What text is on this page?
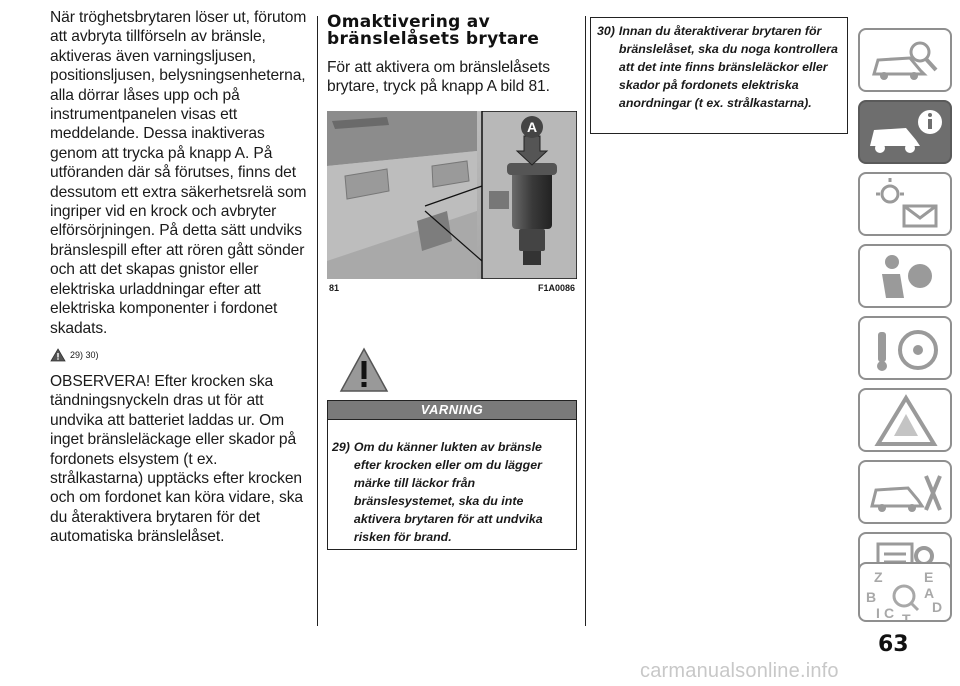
När tröghetsbrytaren löser ut, förutom att avbryta tillförseln av bränsle, aktiveras även varningsljusen, positionsljusen, belysningsenheterna, alla dörrar låses upp och på instrumentpanelen visas ett meddelande. Dessa inaktiveras genom att trycka på knapp A. På utföranden där så förutses, finns det dessutom ett extra säkerhetsrelä som ingriper vid en krock och avbryter elförsörjningen. På detta sätt undviks bränslespill efter att rören gått sönder och att det skapas gnistor eller elektriska urladdningar efter att elektriska komponenter i fordonet skadats.

29) 30)

OBSERVERA! Efter krocken ska tändningsnyckeln dras ut för att undvika att batteriet laddas ur. Om inget bränsleläckage eller skador på fordonets elsystem (t ex. strålkastarna) upptäcks efter krocken och om fordonet kan köra vidare, ska du återaktivera brytaren för det automatiska bränslelåset.

Omaktivering av
bränslelåsets brytare

För att aktivera om bränslelåsets brytare, tryck på knapp A bild 81.

A
81	F1A0086
VARNING
29) Om du känner lukten av bränsle efter krocken eller om du lägger märke till läckor från bränslesystemet, ska du inte aktivera brytaren för att undvika risken för brand.
30) Innan du återaktiverar brytaren för bränslelåset, ska du noga kontrollera att det inte finns bränsleläckor eller skador på fordonets elektriska anordningar (t ex. strålkastarna).
Z	E
B	A
C	D
T
I
63
carmanualsonline.info
